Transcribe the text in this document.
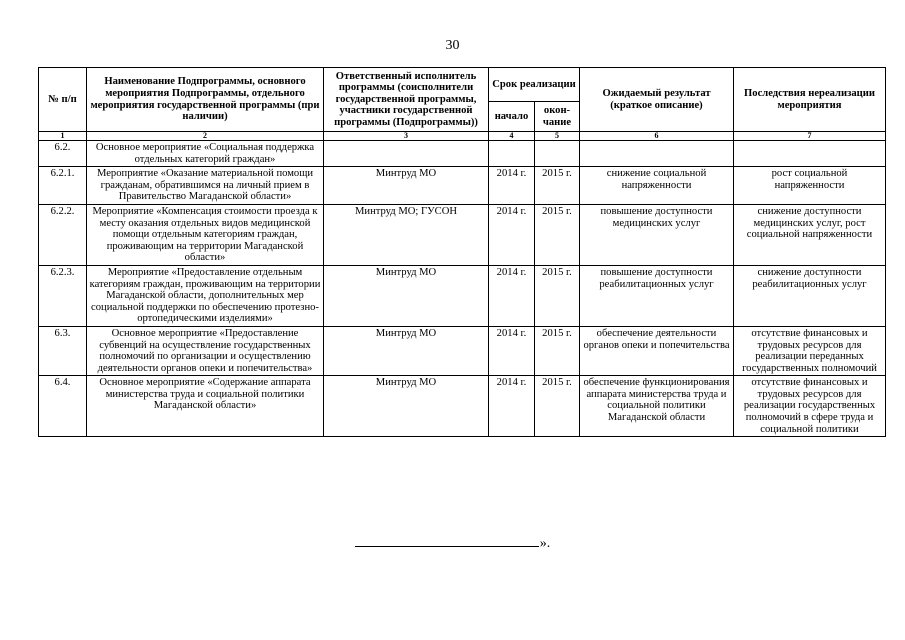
30
№ п/п	Наименование Подпрограммы, основного мероприятия Подпрограммы, отдельного мероприятия государственной программы (при наличии)	Ответственный исполнитель программы (соисполнители государственной программы, участники государственной программы (Подпрограммы))	Срок реализации		Ожидаемый результат (краткое описание)	Последствия нереализации мероприятия
			начало	окон-чание		
1	2	3	4	5	6	7
6.2.	Основное мероприятие «Социальная поддержка отдельных категорий граждан»					
6.2.1.	Мероприятие «Оказание материальной помощи гражданам, обратившимся на личный прием в Правительство Магаданской области»	Минтруд МО	2014 г.	2015 г.	снижение социальной напряженности	рост социальной напряженности
6.2.2.	Мероприятие «Компенсация стоимости проезда к месту оказания отдельных видов медицинской помощи отдельным категориям граждан, проживающим на территории Магаданской области»	Минтруд МО; ГУСОН	2014 г.	2015 г.	повышение доступности медицинских услуг	снижение доступности медицинских услуг, рост социальной напряженности
6.2.3.	Мероприятие «Предоставление отдельным категориям граждан, проживающим на территории Магаданской области, дополнительных мер социальной поддержки по обеспечению протезно-ортопедическими изделиями»	Минтруд МО	2014 г.	2015 г.	повышение доступности реабилитационных услуг	снижение доступности реабилитационных услуг
6.3.	Основное мероприятие «Предоставление субвенций на осуществление государственных полномочий по организации и осуществлению деятельности органов опеки и попечительства»	Минтруд МО	2014 г.	2015 г.	обеспечение деятельности органов опеки и попечительства	отсутствие финансовых и трудовых ресурсов для реализации переданных государственных полномочий
6.4.	Основное мероприятие «Содержание аппарата министерства труда и социальной политики Магаданской области»	Минтруд МО	2014 г.	2015 г.	обеспечение функционирования аппарата министерства труда и социальной политики Магаданской области	отсутствие финансовых и трудовых ресурсов для реализации государственных полномочий в сфере труда и социальной политики
».
